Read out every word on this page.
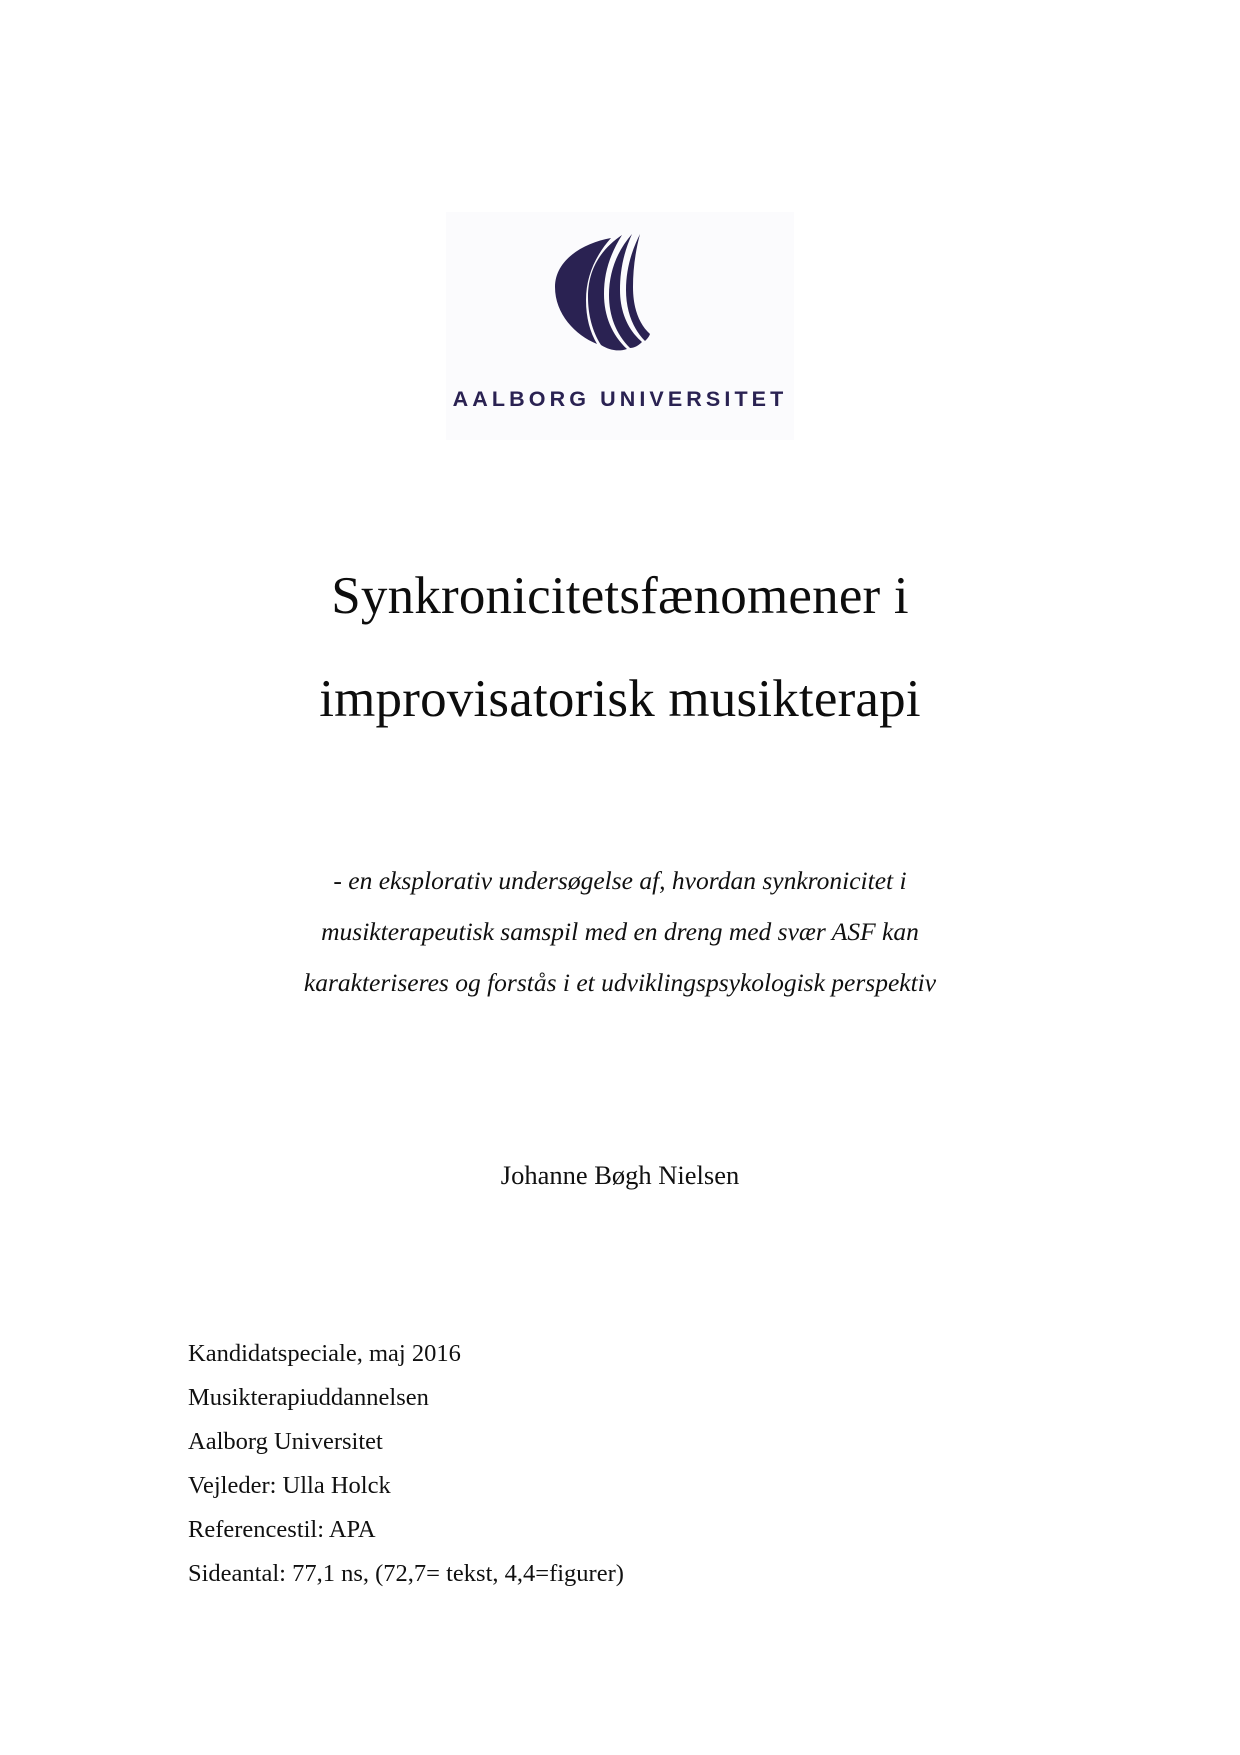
AALBORG UNIVERSITET
Synkronicitetsfænomener i
improvisatorisk musikterapi
- en eksplorativ undersøgelse af, hvordan synkronicitet i
musikterapeutisk samspil med en dreng med svær ASF kan
karakteriseres og forstås i et udviklingspsykologisk perspektiv
Johanne Bøgh Nielsen
Kandidatspeciale, maj 2016
Musikterapiuddannelsen
Aalborg Universitet
Vejleder: Ulla Holck
Referencestil: APA
Sideantal: 77,1 ns, (72,7= tekst, 4,4=figurer)
